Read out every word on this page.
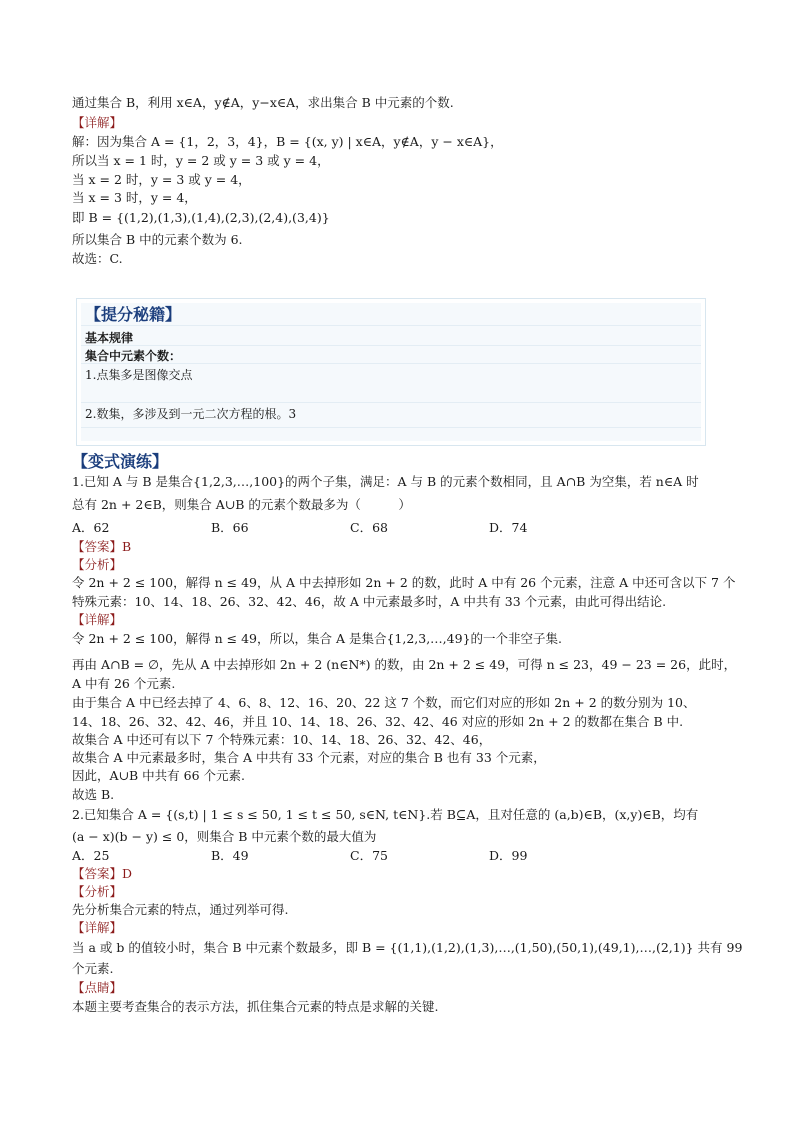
通过集合 B，利用 x∈A，y∉A，y−x∈A，求出集合 B 中元素的个数.
【详解】
解：因为集合 A = {1，2，3，4}，B = {(x, y) | x∈A，y∉A，y − x∈A}，
所以当 x = 1 时，y = 2 或 y = 3 或 y = 4，
当 x = 2 时，y = 3 或 y = 4，
当 x = 3 时，y = 4，
即 B = {(1,2),(1,3),(1,4),(2,3),(2,4),(3,4)}
所以集合 B 中的元素个数为 6.
故选：C.
【提分秘籍】
基本规律
集合中元素个数：
1.点集多是图像交点
2.数集，多涉及到一元二次方程的根。3
【变式演练】
1.已知 A 与 B 是集合{1,2,3,…,100}的两个子集，满足：A 与 B 的元素个数相同，且 A∩B 为空集，若 n∈A 时
总有 2n + 2∈B，则集合 A∪B 的元素个数最多为（　　　）
A．62	B．66	C．68	D．74
【答案】B
【分析】
令 2n + 2 ≤ 100，解得 n ≤ 49，从 A 中去掉形如 2n + 2 的数，此时 A 中有 26 个元素，注意 A 中还可含以下 7 个
特殊元素：10、14、18、26、32、42、46，故 A 中元素最多时，A 中共有 33 个元素，由此可得出结论.
【详解】
令 2n + 2 ≤ 100，解得 n ≤ 49，所以，集合 A 是集合{1,2,3,…,49}的一个非空子集.
再由 A∩B = ∅，先从 A 中去掉形如 2n + 2 (n∈N*) 的数，由 2n + 2 ≤ 49，可得 n ≤ 23，49 − 23 = 26，此时，
A 中有 26 个元素.
由于集合 A 中已经去掉了 4、6、8、12、16、20、22 这 7 个数，而它们对应的形如 2n + 2 的数分别为 10、
14、18、26、32、42、46，并且 10、14、18、26、32、42、46 对应的形如 2n + 2 的数都在集合 B 中.
故集合 A 中还可有以下 7 个特殊元素：10、14、18、26、32、42、46，
故集合 A 中元素最多时，集合 A 中共有 33 个元素，对应的集合 B 也有 33 个元素，
因此，A∪B 中共有 66 个元素.
故选 B.
2.已知集合 A = {(s,t) | 1 ≤ s ≤ 50, 1 ≤ t ≤ 50, s∈N, t∈N}.若 B⊆A，且对任意的 (a,b)∈B，(x,y)∈B，均有
(a − x)(b − y) ≤ 0，则集合 B 中元素个数的最大值为
A．25	B．49	C．75	D．99
【答案】D
【分析】
先分析集合元素的特点，通过列举可得.
【详解】
当 a 或 b 的值较小时，集合 B 中元素个数最多，即 B = {(1,1),(1,2),(1,3),…,(1,50),(50,1),(49,1),…,(2,1)} 共有 99
个元素.
【点睛】
本题主要考查集合的表示方法，抓住集合元素的特点是求解的关键.
